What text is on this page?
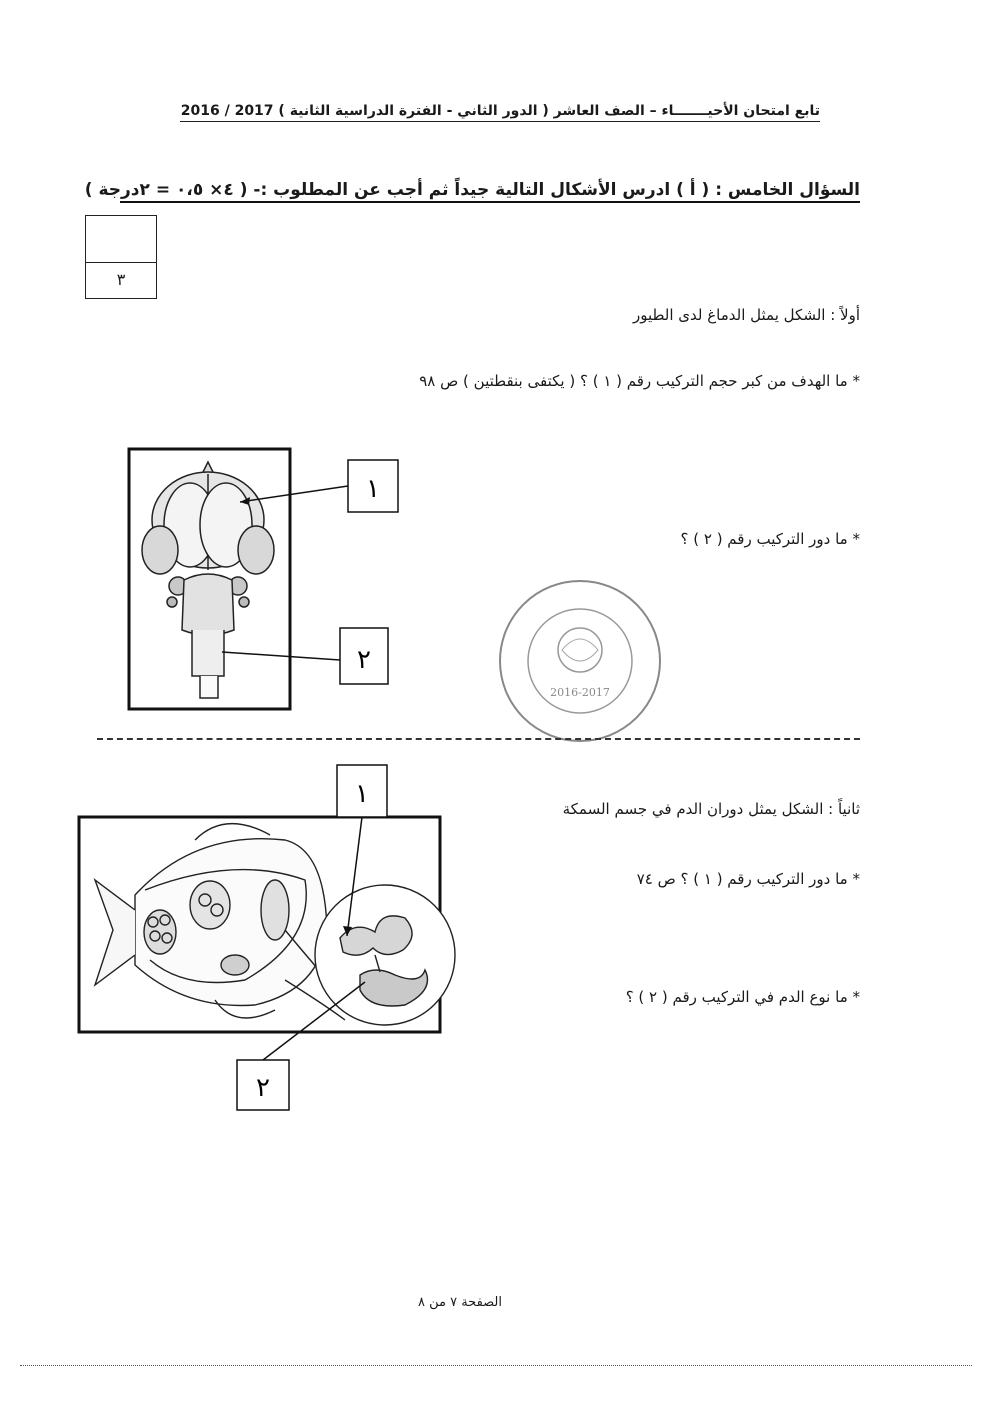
تابع امتحان الأحيـــــــاء – الصف العاشر ( الدور الثاني - الفترة الدراسية الثانية ) 2017 / 2016
السؤال الخامس : ( أ ) ادرس الأشكال التالية جيداً ثم أجب عن المطلوب :- ( ٤× ٠،٥ = ٢درجة )
٣
أولاً : الشكل يمثل الدماغ لدى الطيور
* ما الهدف من كبر حجم التركيب رقم ( ١ ) ؟ ( يكتفى بنقطتين ) ص ٩٨
* ما دور التركيب رقم ( ٢ ) ؟
١
٢
2016-2017
ثانياً : الشكل يمثل دوران الدم في جسم السمكة
* ما دور التركيب رقم ( ١ ) ؟ ص ٧٤
* ما نوع الدم في التركيب رقم ( ٢ ) ؟
١
٢
الصفحة ٧ من ٨
